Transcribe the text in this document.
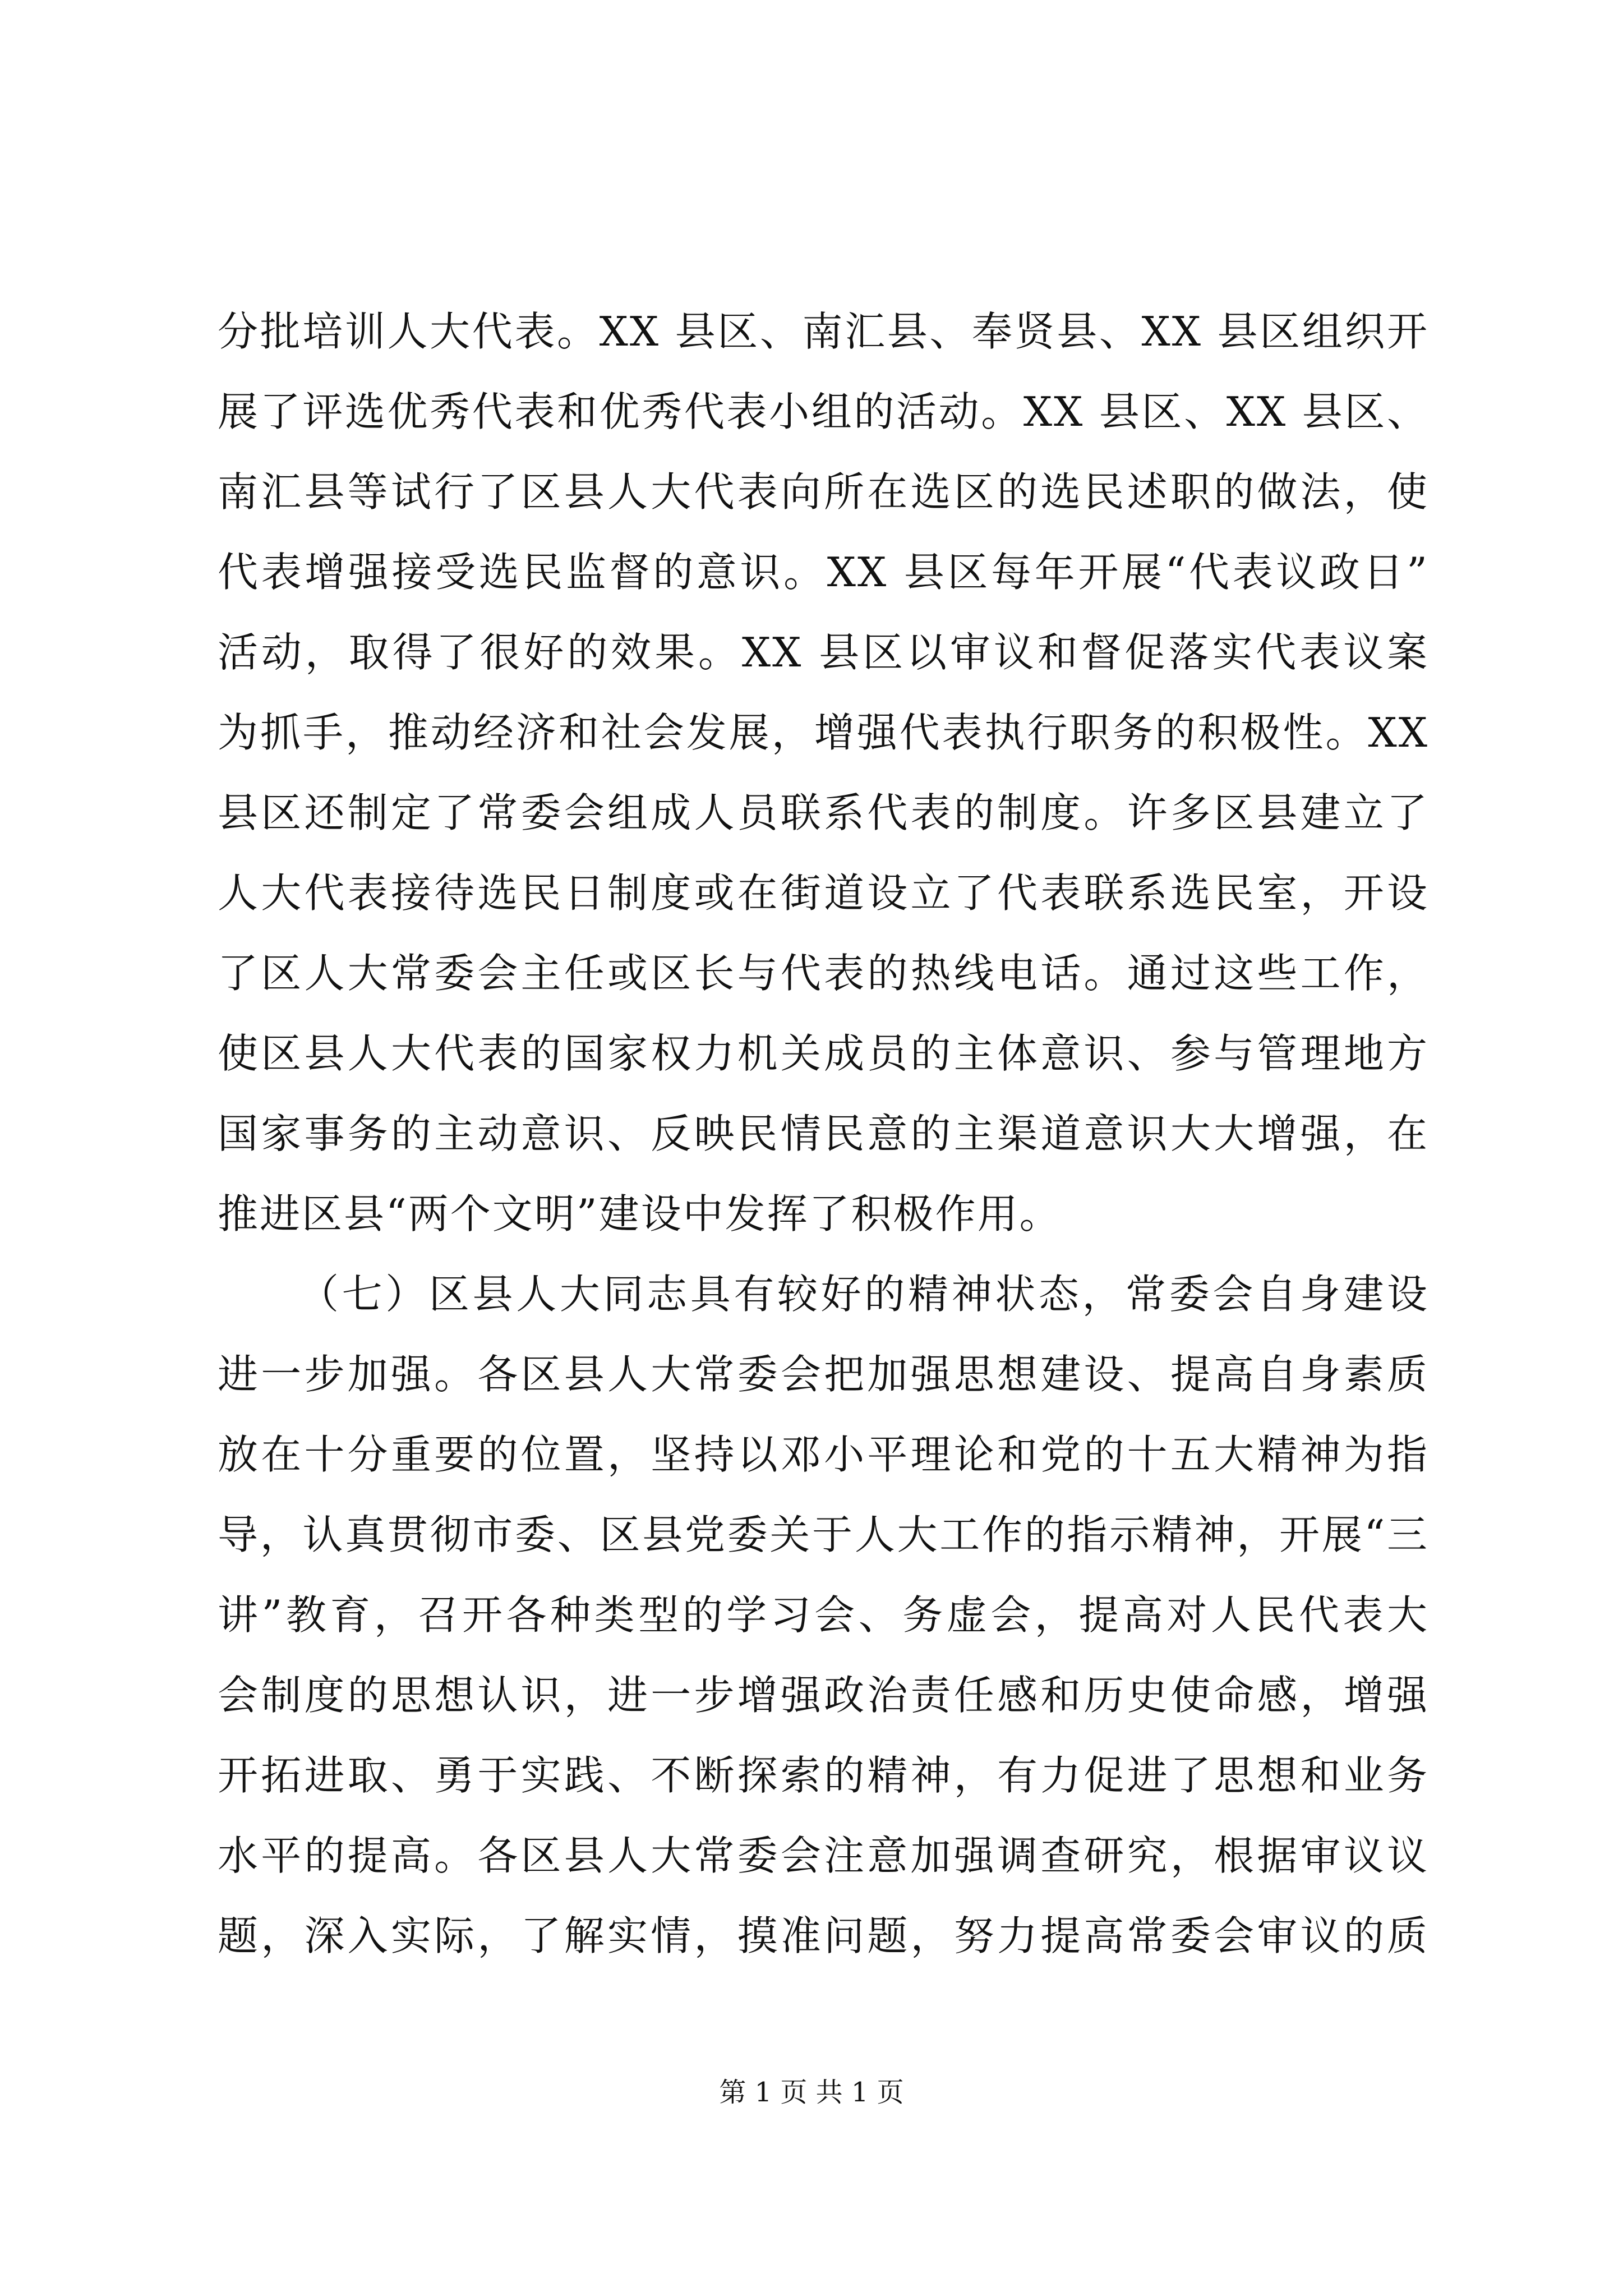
分批培训人大代表。XX 县区、南汇县、奉贤县、XX 县区组织开
展了评选优秀代表和优秀代表小组的活动。XX 县区、XX 县区、
南汇县等试行了区县人大代表向所在选区的选民述职的做法，使
代表增强接受选民监督的意识。XX 县区每年开展“代表议政日”
活动，取得了很好的效果。XX 县区以审议和督促落实代表议案
为抓手，推动经济和社会发展，增强代表执行职务的积极性。XX
县区还制定了常委会组成人员联系代表的制度。许多区县建立了
人大代表接待选民日制度或在街道设立了代表联系选民室，开设
了区人大常委会主任或区长与代表的热线电话。通过这些工作，
使区县人大代表的国家权力机关成员的主体意识、参与管理地方
国家事务的主动意识、反映民情民意的主渠道意识大大增强，在
推进区县“两个文明”建设中发挥了积极作用。
（七）区县人大同志具有较好的精神状态，常委会自身建设
进一步加强。各区县人大常委会把加强思想建设、提高自身素质
放在十分重要的位置，坚持以邓小平理论和党的十五大精神为指
导，认真贯彻市委、区县党委关于人大工作的指示精神，开展“三
讲”教育，召开各种类型的学习会、务虚会，提高对人民代表大
会制度的思想认识，进一步增强政治责任感和历史使命感，增强
开拓进取、勇于实践、不断探索的精神，有力促进了思想和业务
水平的提高。各区县人大常委会注意加强调查研究，根据审议议
题，深入实际，了解实情，摸准问题，努力提高常委会审议的质
第 1 页 共 1 页
